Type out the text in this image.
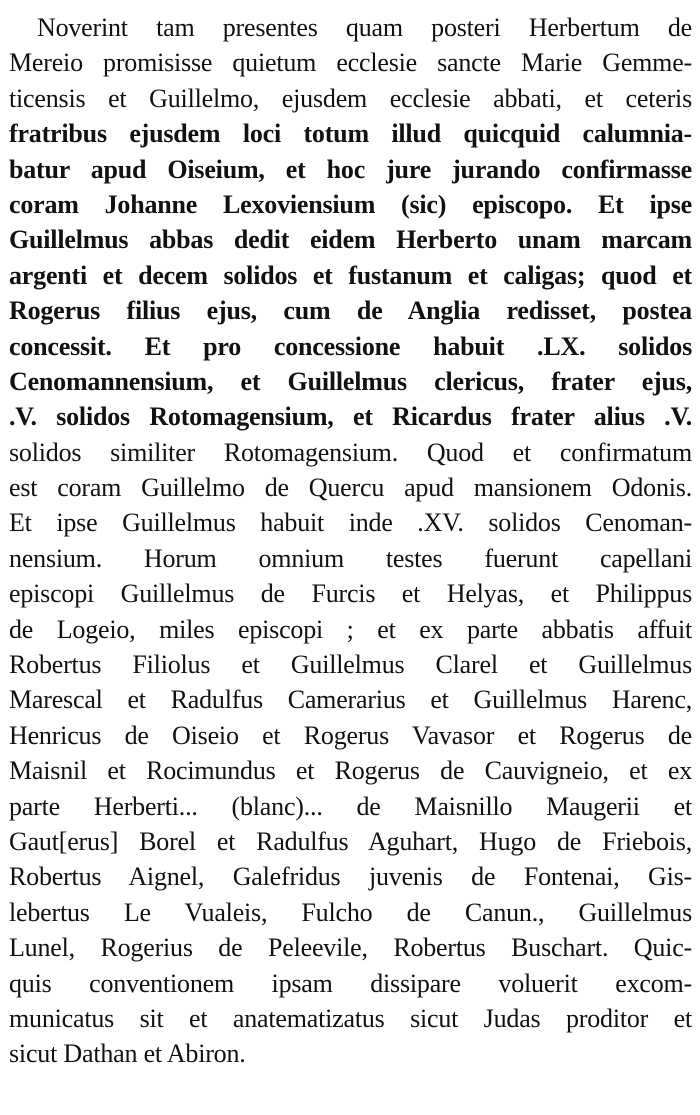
Noverint tam presentes quam posteri Herbertum de
Mereio promisisse quietum ecclesie sancte Marie Gemme-
ticensis et Guillelmo, ejusdem ecclesie abbati, et ceteris
fratribus ejusdem loci totum illud quicquid calumnia-
batur apud Oiseium, et hoc jure jurando confirmasse
coram Johanne Lexoviensium (sic) episcopo. Et ipse
Guillelmus abbas dedit eidem Herberto unam marcam
argenti et decem solidos et fustanum et caligas; quod et
Rogerus filius ejus, cum de Anglia redisset, postea
concessit. Et pro concessione habuit .LX. solidos
Cenomannensium, et Guillelmus clericus, frater ejus,
.V. solidos Rotomagensium, et Ricardus frater alius .V.
solidos similiter Rotomagensium. Quod et confirmatum
est coram Guillelmo de Quercu apud mansionem Odonis.
Et ipse Guillelmus habuit inde .XV. solidos Cenoman-
nensium. Horum omnium testes fuerunt capellani
episcopi Guillelmus de Furcis et Helyas, et Philippus
de Logeio, miles episcopi ; et ex parte abbatis affuit
Robertus Filiolus et Guillelmus Clarel et Guillelmus
Marescal et Radulfus Camerarius et Guillelmus Harenc,
Henricus de Oiseio et Rogerus Vavasor et Rogerus de
Maisnil et Rocimundus et Rogerus de Cauvigneio, et ex
parte Herberti... (blanc)... de Maisnillo Maugerii et
Gaut[erus] Borel et Radulfus Aguhart, Hugo de Friebois,
Robertus Aignel, Galefridus juvenis de Fontenai, Gis-
lebertus Le Vualeis, Fulcho de Canun., Guillelmus
Lunel, Rogerius de Peleevile, Robertus Buschart. Quic-
quis conventionem ipsam dissipare voluerit excom-
municatus sit et anatematizatus sicut Judas proditor et
sicut Dathan et Abiron.
